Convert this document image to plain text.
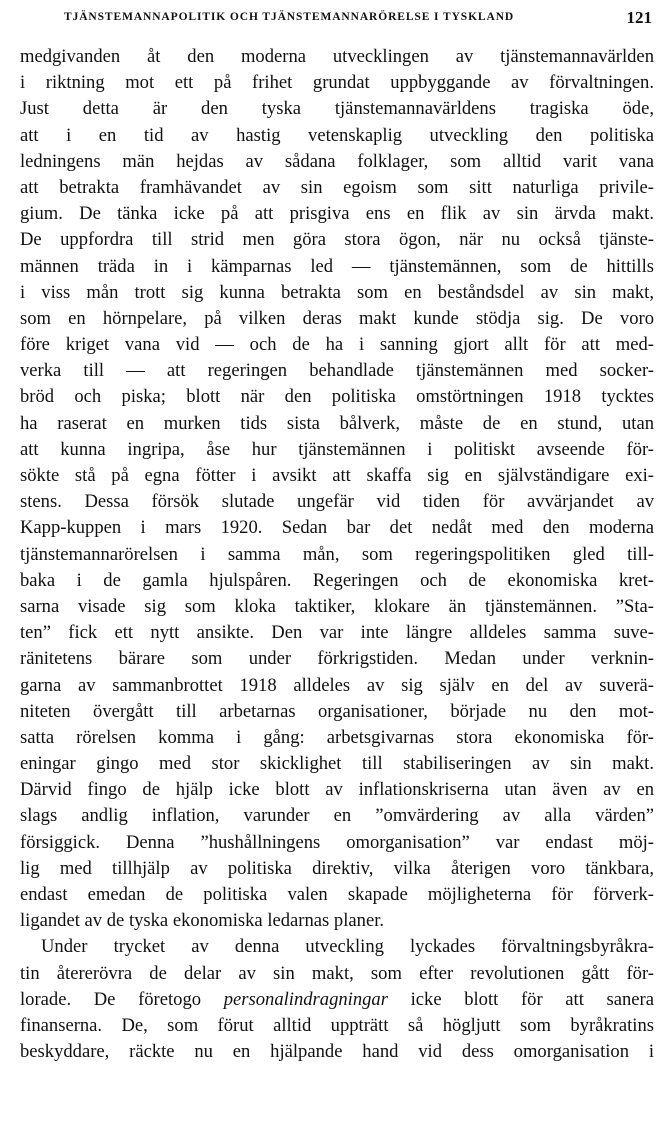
TJÄNSTEMANNAPOLITIK OCH TJÄNSTEMANNARÖRELSE I TYSKLAND	121
medgivanden åt den moderna utvecklingen av tjänstemannavärlden
i riktning mot ett på frihet grundat uppbyggande av förvaltningen.
Just detta är den tyska tjänstemannavärldens tragiska öde,
att i en tid av hastig vetenskaplig utveckling den politiska
ledningens män hejdas av sådana folklager, som alltid varit vana
att betrakta framhävandet av sin egoism som sitt naturliga privile-
gium. De tänka icke på att prisgiva ens en flik av sin ärvda makt.
De uppfordra till strid men göra stora ögon, när nu också tjänste-
männen träda in i kämparnas led — tjänstemännen, som de hittills
i viss mån trott sig kunna betrakta som en beståndsdel av sin makt,
som en hörnpelare, på vilken deras makt kunde stödja sig. De voro
före kriget vana vid — och de ha i sanning gjort allt för att med-
verka till — att regeringen behandlade tjänstemännen med socker-
bröd och piska; blott när den politiska omstörtningen 1918 tycktes
ha raserat en murken tids sista bålverk, måste de en stund, utan
att kunna ingripa, åse hur tjänstemännen i politiskt avseende för-
sökte stå på egna fötter i avsikt att skaffa sig en självständigare exi-
stens. Dessa försök slutade ungefär vid tiden för avvärjandet av
Kapp-kuppen i mars 1920. Sedan bar det nedåt med den moderna
tjänstemannarörelsen i samma mån, som regeringspolitiken gled till-
baka i de gamla hjulspåren. Regeringen och de ekonomiska kret-
sarna visade sig som kloka taktiker, klokare än tjänstemännen. ”Sta-
ten” fick ett nytt ansikte. Den var inte längre alldeles samma suve-
ränitetens bärare som under förkrigstiden. Medan under verknin-
garna av sammanbrottet 1918 alldeles av sig själv en del av suverä-
niteten övergått till arbetarnas organisationer, började nu den mot-
satta rörelsen komma i gång: arbetsgivarnas stora ekonomiska för-
eningar gingo med stor skicklighet till stabiliseringen av sin makt.
Därvid fingo de hjälp icke blott av inflationskriserna utan även av en
slags andlig inflation, varunder en ”omvärdering av alla värden”
försiggick. Denna ”hushållningens omorganisation” var endast möj-
lig med tillhjälp av politiska direktiv, vilka återigen voro tänkbara,
endast emedan de politiska valen skapade möjligheterna för förverk-
ligandet av de tyska ekonomiska ledarnas planer.
Under trycket av denna utveckling lyckades förvaltningsbyråkra-
tin återerövra de delar av sin makt, som efter revolutionen gått för-
lorade. De företogo personalindragningar icke blott för att sanera
finanserna. De, som förut alltid uppträtt så högljutt som byråkratins
beskyddare, räckte nu en hjälpande hand vid dess omorganisation i
